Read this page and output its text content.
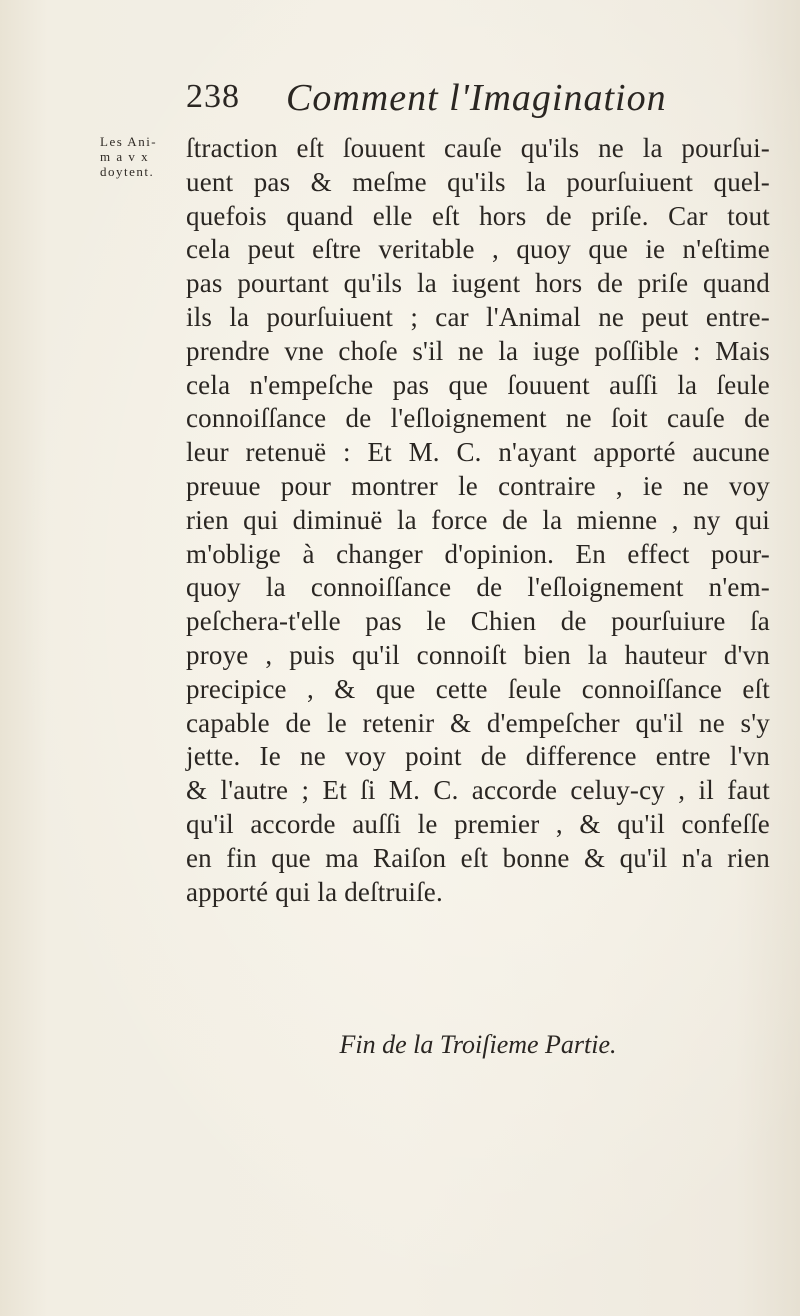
238 Comment l'Imagination
Les Ani-
m a v x
doytent.
ſtraction eſt ſouuent cauſe qu'ils ne la pourſui-
uent pas & meſme qu'ils la pourſuiuent quel-
quefois quand elle eſt hors de priſe. Car tout
cela peut eſtre veritable , quoy que ie n'eſtime
pas pourtant qu'ils la iugent hors de priſe quand
ils la pourſuiuent ; car l'Animal ne peut entre-
prendre vne choſe s'il ne la iuge poſſible : Mais
cela n'empeſche pas que ſouuent auſſi la ſeule
connoiſſance de l'eſloignement ne ſoit cauſe de
leur retenuë : Et M. C. n'ayant apporté aucune
preuue pour montrer le contraire , ie ne voy
rien qui diminuë la force de la mienne , ny qui
m'oblige à changer d'opinion. En effect pour-
quoy la connoiſſance de l'eſloignement n'em-
peſchera-t'elle pas le Chien de pourſuiure ſa
proye , puis qu'il connoiſt bien la hauteur d'vn
precipice , & que cette ſeule connoiſſance eſt
capable de le retenir & d'empeſcher qu'il ne s'y
jette. Ie ne voy point de difference entre l'vn
& l'autre ; Et ſi M. C. accorde celuy-cy , il faut
qu'il accorde auſſi le premier , & qu'il confeſſe
en fin que ma Raiſon eſt bonne & qu'il n'a rien
apporté qui la deſtruiſe.
Fin de la Troiſieme Partie.
